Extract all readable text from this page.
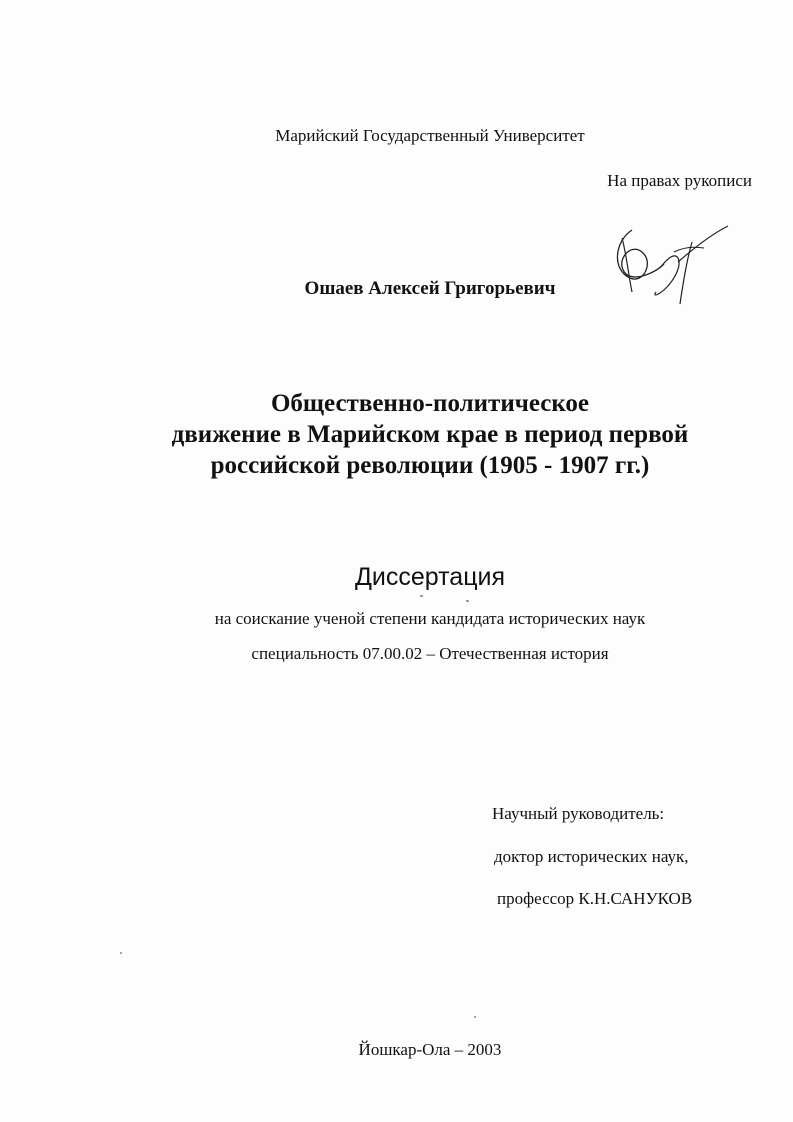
Марийский Государственный Университет

На правах рукописи

Ошаев Алексей Григорьевич

Общественно-политическое
движение в Марийском крае в период первой
российской революции (1905 - 1907 гг.)

Диссертация

на соискание ученой степени кандидата исторических наук

специальность 07.00.02 – Отечественная история

Научный руководитель:

доктор исторических наук,

профессор К.Н.САНУКОВ

Йошкар-Ола – 2003
